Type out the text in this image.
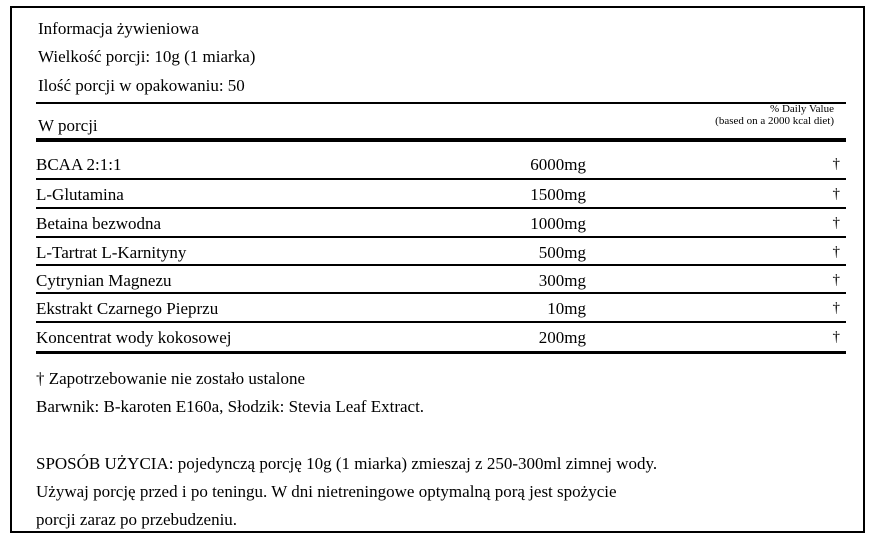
Informacja żywieniowa
Wielkość porcji: 10g (1 miarka)
Ilość porcji w opakowaniu: 50
W porcji
% Daily Value
(based on a 2000 kcal diet)
BCAA 2:1:1	6000mg	†
L-Glutamina	1500mg	†
Betaina bezwodna	1000mg	†
L-Tartrat L-Karnityny	500mg	†
Cytrynian Magnezu	300mg	†
Ekstrakt Czarnego Pieprzu	10mg	†
Koncentrat wody kokosowej	200mg	†
† Zapotrzebowanie nie zostało ustalone
Barwnik: B-karoten E160a, Słodzik: Stevia Leaf Extract.
SPOSÓB UŻYCIA: pojedynczą porcję 10g (1 miarka) zmieszaj z 250-300ml zimnej wody.
Używaj porcję przed i po teningu. W dni nietreningowe optymalną porą jest spożycie
porcji zaraz po przebudzeniu.
